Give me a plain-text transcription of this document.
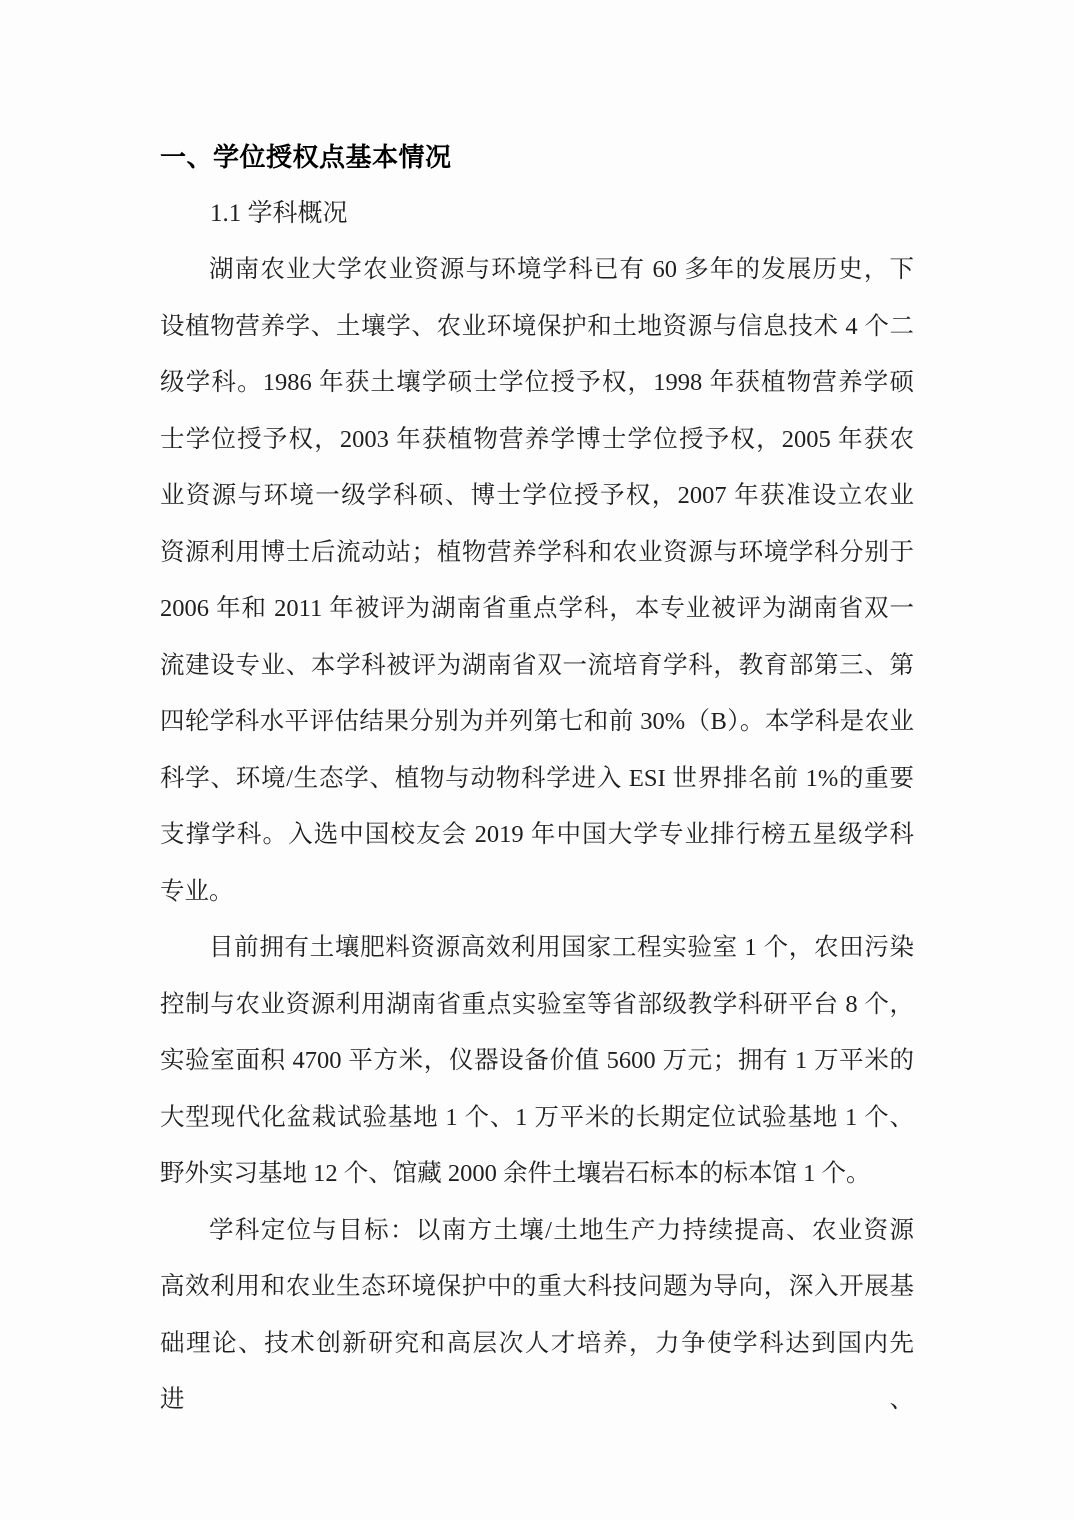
一、学位授权点基本情况
1.1 学科概况
湖南农业大学农业资源与环境学科已有 60 多年的发展历史，下
设植物营养学、土壤学、农业环境保护和土地资源与信息技术 4 个二
级学科。1986 年获土壤学硕士学位授予权，1998 年获植物营养学硕
士学位授予权，2003 年获植物营养学博士学位授予权，2005 年获农
业资源与环境一级学科硕、博士学位授予权，2007 年获准设立农业
资源利用博士后流动站；植物营养学科和农业资源与环境学科分别于
2006 年和 2011 年被评为湖南省重点学科，本专业被评为湖南省双一
流建设专业、本学科被评为湖南省双一流培育学科，教育部第三、第
四轮学科水平评估结果分别为并列第七和前 30%（B）。本学科是农业
科学、环境/生态学、植物与动物科学进入 ESI 世界排名前 1%的重要
支撑学科。入选中国校友会 2019 年中国大学专业排行榜五星级学科
专业。
目前拥有土壤肥料资源高效利用国家工程实验室 1 个，农田污染
控制与农业资源利用湖南省重点实验室等省部级教学科研平台 8 个，
实验室面积 4700 平方米，仪器设备价值 5600 万元；拥有 1 万平米的
大型现代化盆栽试验基地 1 个、1 万平米的长期定位试验基地 1 个、
野外实习基地 12 个、馆藏 2000 余件土壤岩石标本的标本馆 1 个。
学科定位与目标：以南方土壤/土地生产力持续提高、农业资源
高效利用和农业生态环境保护中的重大科技问题为导向，深入开展基
础理论、技术创新研究和高层次人才培养，力争使学科达到国内先进、
